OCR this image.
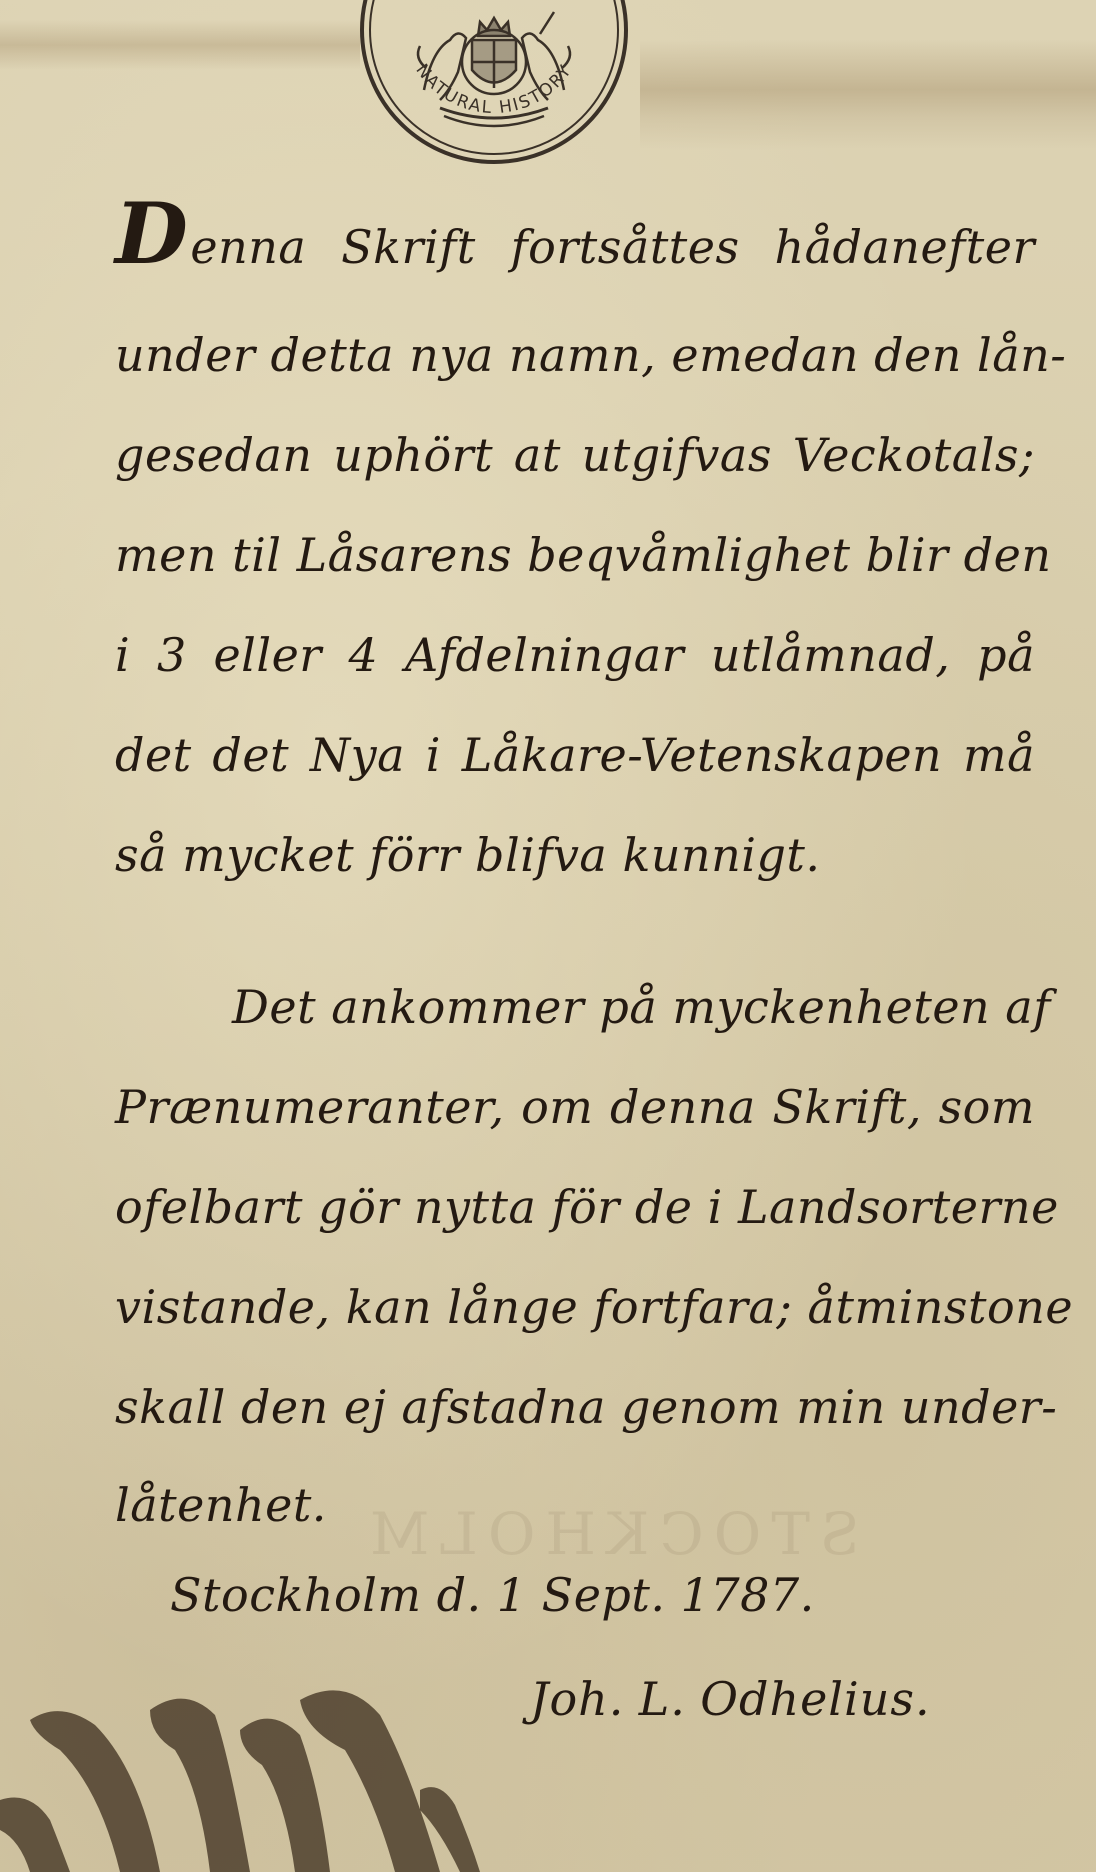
NATURAL HISTORY
STOCKHOLM

Denna Skrift fortsåttes hådanefter

under detta nya namn, emedan den lån-

gesedan uphört at utgifvas Veckotals;

men til Låsarens beqvåmlighet blir den

i 3 eller 4 Afdelningar utlåmnad, på

det det Nya i Låkare-Vetenskapen må

så mycket förr blifva kunnigt.

Det ankommer på myckenheten af

Prænumeranter, om denna Skrift, som

ofelbart gör nytta för de i Landsorterne

vistande, kan långe fortfara; åtminstone

skall den ej afstadna genom min under-

låtenhet.

Stockholm d. 1 Sept. 1787.
Joh. L. Odhelius.
